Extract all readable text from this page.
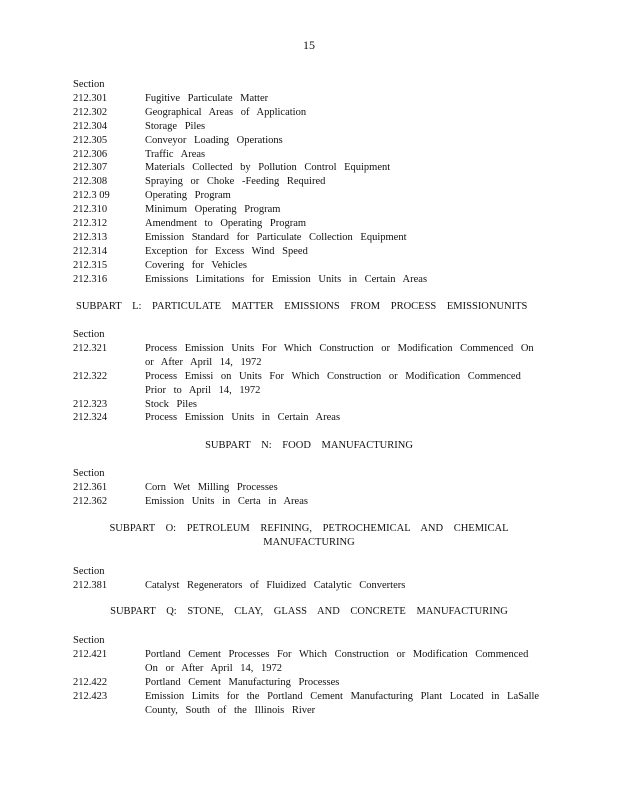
15
Section
212.301	Fugitive Particulate Matter
212.302	Geographical Areas of Application
212.304	Storage Piles
212.305	Conveyor Loading Operations
212.306	Traffic Areas
212.307	Materials Collected by Pollution Control Equipment
212.308	Spraying or Choke -Feeding Required
212.3 09	Operating Program
212.310	Minimum Operating Program
212.312	Amendment to Operating Program
212.313	Emission Standard for Particulate Collection Equipment
212.314	Exception for Excess Wind Speed
212.315	Covering for Vehicles
212.316	Emissions Limitations for Emission Units in Certain Areas
SUBPART L: PARTICULATE MATTER EMISSIONS FROM PROCESS EMISSIONUNITS
Section
212.321	Process Emission Units For Which Construction or Modification Commenced On or After April 14, 1972
212.322	Process Emissi on Units For Which Construction or Modification Commenced Prior to April 14, 1972
212.323	Stock Piles
212.324	Process Emission Units in Certain Areas
SUBPART N: FOOD MANUFACTURING
Section
212.361	Corn Wet Milling Processes
212.362	Emission Units in Certa in Areas
SUBPART O: PETROLEUM REFINING, PETROCHEMICAL AND CHEMICAL
MANUFACTURING
Section
212.381	Catalyst Regenerators of Fluidized Catalytic Converters
SUBPART Q: STONE, CLAY, GLASS AND CONCRETE MANUFACTURING
Section
212.421	Portland Cement Processes For Which Construction or Modification Commenced On or After April 14, 1972
212.422	Portland Cement Manufacturing Processes
212.423	Emission Limits for the Portland Cement Manufacturing Plant Located in LaSalle County, South of the Illinois River
